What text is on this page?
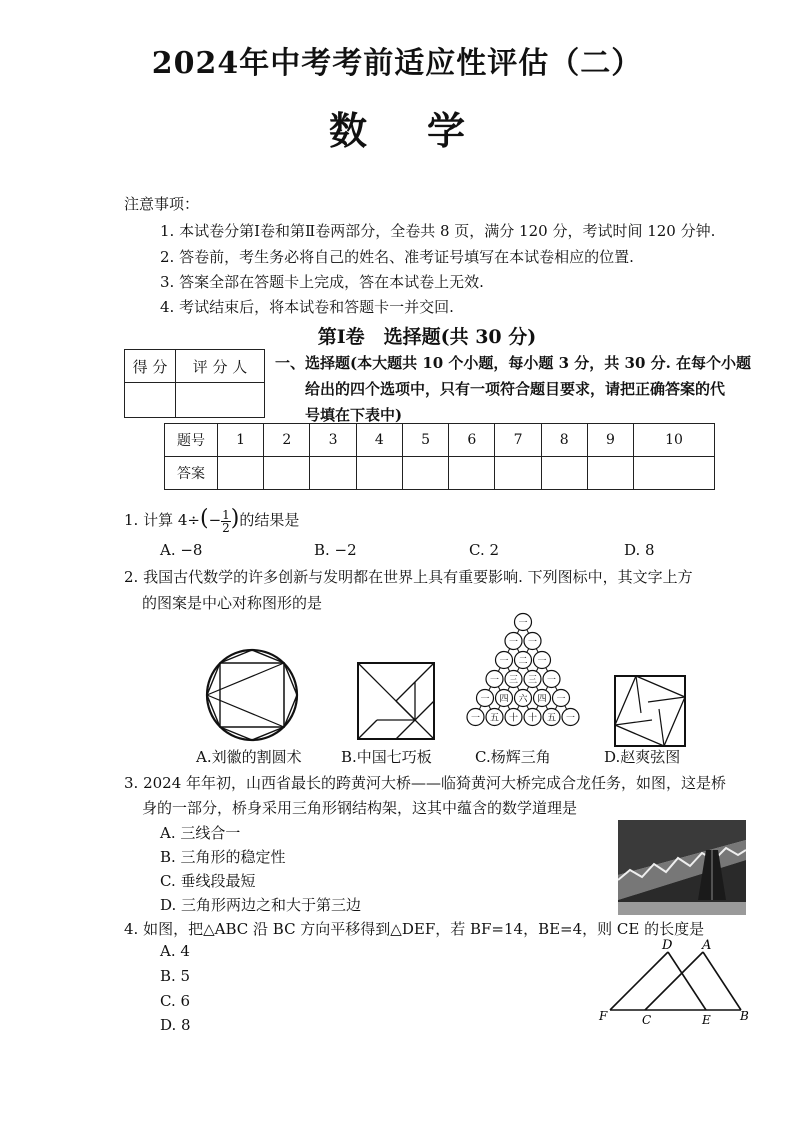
2024年中考考前适应性评估（二）
数学
注意事项：
1. 本试卷分第Ⅰ卷和第Ⅱ卷两部分，全卷共 8 页，满分 120 分，考试时间 120 分钟.
2. 答卷前，考生务必将自己的姓名、准考证号填写在本试卷相应的位置.
3. 答案全部在答题卡上完成，答在本试卷上无效.
4. 考试结束后，将本试卷和答题卡一并交回.
第Ⅰ卷　选择题(共 30 分)
得 分	评 分 人
	一、选择题(本大题共 10 个小题，每小题 3 分，共 30 分. 在每个小题
给出的四个选项中，只有一项符合题目要求，请把正确答案的代
号填在下表中)
题号	1	2	3	4	5	6	7	8	9	10
答案										
1. 计算 $4\div(- \frac{1}{2}$ )的结果是
A. −8	B. −2	C. 2	D. 8
2. 我国古代数学的许多创新与发明都在世界上具有重要影响. 下列图标中，其文字上方
的图案是中心对称图形的是
A.刘徽的割圆术	B.中国七巧板
一
一 一
一 二 一
一 三 三 一
一 四 六 四 一
一 五 十 十 五 一
C.杨辉三角	D.赵爽弦图
3. 2024 年年初，山西省最长的跨黄河大桥——临猗黄河大桥完成合龙任务，如图，这是桥
身的一部分，桥身采用三角形钢结构架，这其中蕴含的数学道理是
A. 三线合一
B. 三角形的稳定性
C. 垂线段最短
D. 三角形两边之和大于第三边
4. 如图，把△ABC 沿 BC 方向平移得到△DEF，若 BF=14，BE=4，则 CE 的长度是
A. 4
B. 5
C. 6
D. 8
D A
F	C	E B
